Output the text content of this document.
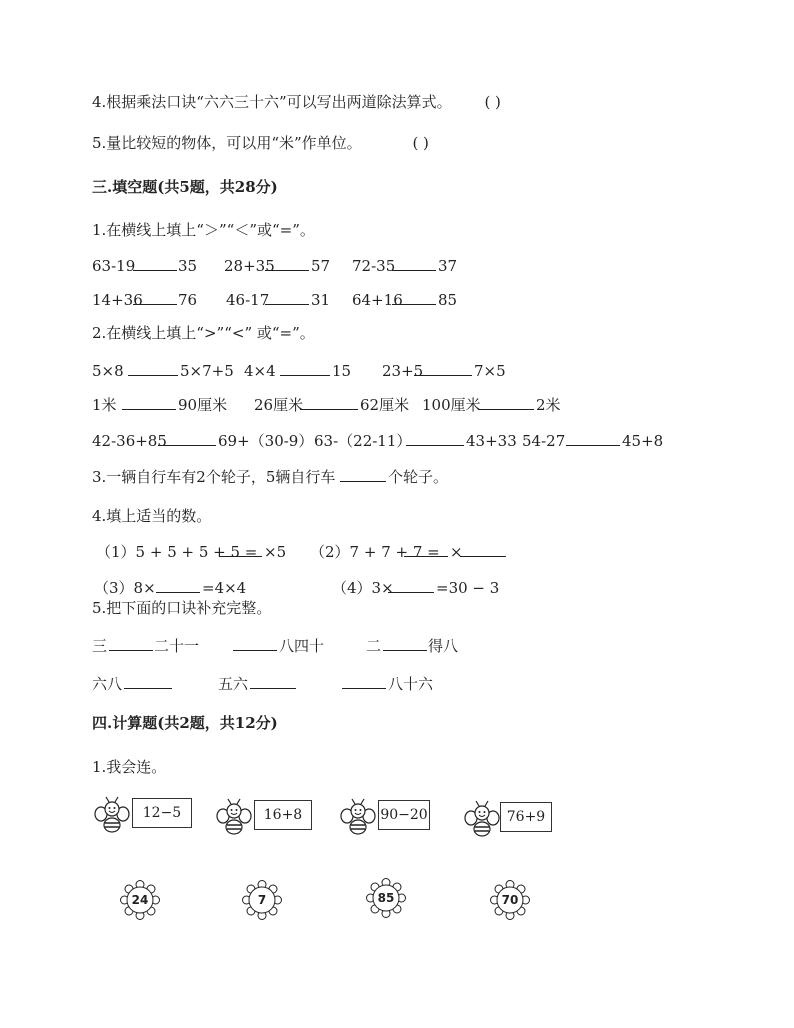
4.根据乘法口诀“六六三十六”可以写出两道除法算式。 ( )
5.量比较短的物体，可以用“米”作单位。	( )
三.填空题(共5题，共28分)
1.在横线上填上“＞”“＜”或“=”。
63-19	35 28+35 57 72-35	37
14+36 76 46-17	31 64+16 85
2.在横线上填上“>”“<” 或“=”。
5×8	5×7+5 4×4	15 23+5	7×5
1米	90厘米 26厘米	62厘米 100厘米	2米
42-36+85	69+（30-9） 63-（22-11）	43+33 54-27	45+8
3.一辆自行车有2个轮子，5辆自行车	个轮子。
4.填上适当的数。
（1）5 + 5 + 5 + 5 = ×5 （2）7 + 7 + 7 = ×
（3）8×	=4×4	（4）3×	=30 − 3
5.把下面的口诀补充完整。
三	二十一	八四十	二	得八
六八	五六	八十六
四.计算题(共2题，共12分)
1.我会连。
12−5	16+8	90−20	76+9
24	7	85	70
